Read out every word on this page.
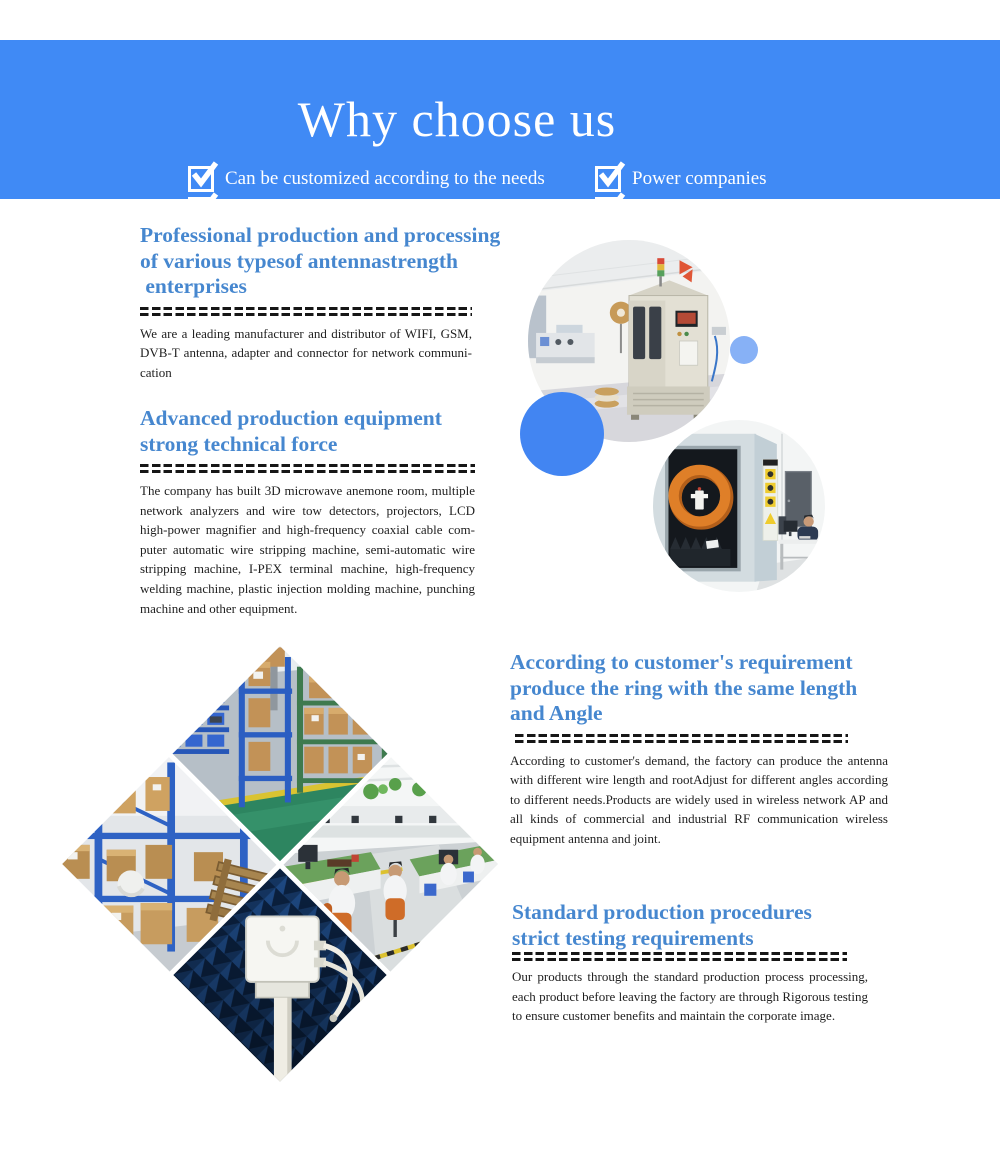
Why choose us
Can be customized according to the needs	Power companies
Quantity is with preferential treatment	Close service
Professional production and processing
of various typesof antennastrength
enterprises
We are a leading manufacturer and distributor of WIFI, GSM,
DVB-T antenna, adapter and connector for network communi-
cation
Advanced production equipment
strong technical force
The company has built 3D microwave anemone room, multiple
network analyzers and wire tow detectors, projectors, LCD
high-power magnifier and high-frequency coaxial cable com-
puter automatic wire stripping machine, semi-automatic wire
stripping machine, I-PEX terminal machine, high-frequency
welding machine, plastic injection molding machine, punching
machine and other equipment.
According to customer's requirement
produce the ring with the same length
and Angle
According to customer's demand, the factory can produce the antenna
with different wire length and rootAdjust for different angles according
to different needs.Products are widely used in wireless network AP and
all kinds of commercial and industrial RF communication wireless
equipment antenna and joint.
Standard production procedures
strict testing requirements
Our products through the standard production process processing,
each product before leaving the factory are through Rigorous testing
to ensure customer benefits and maintain the corporate image.
